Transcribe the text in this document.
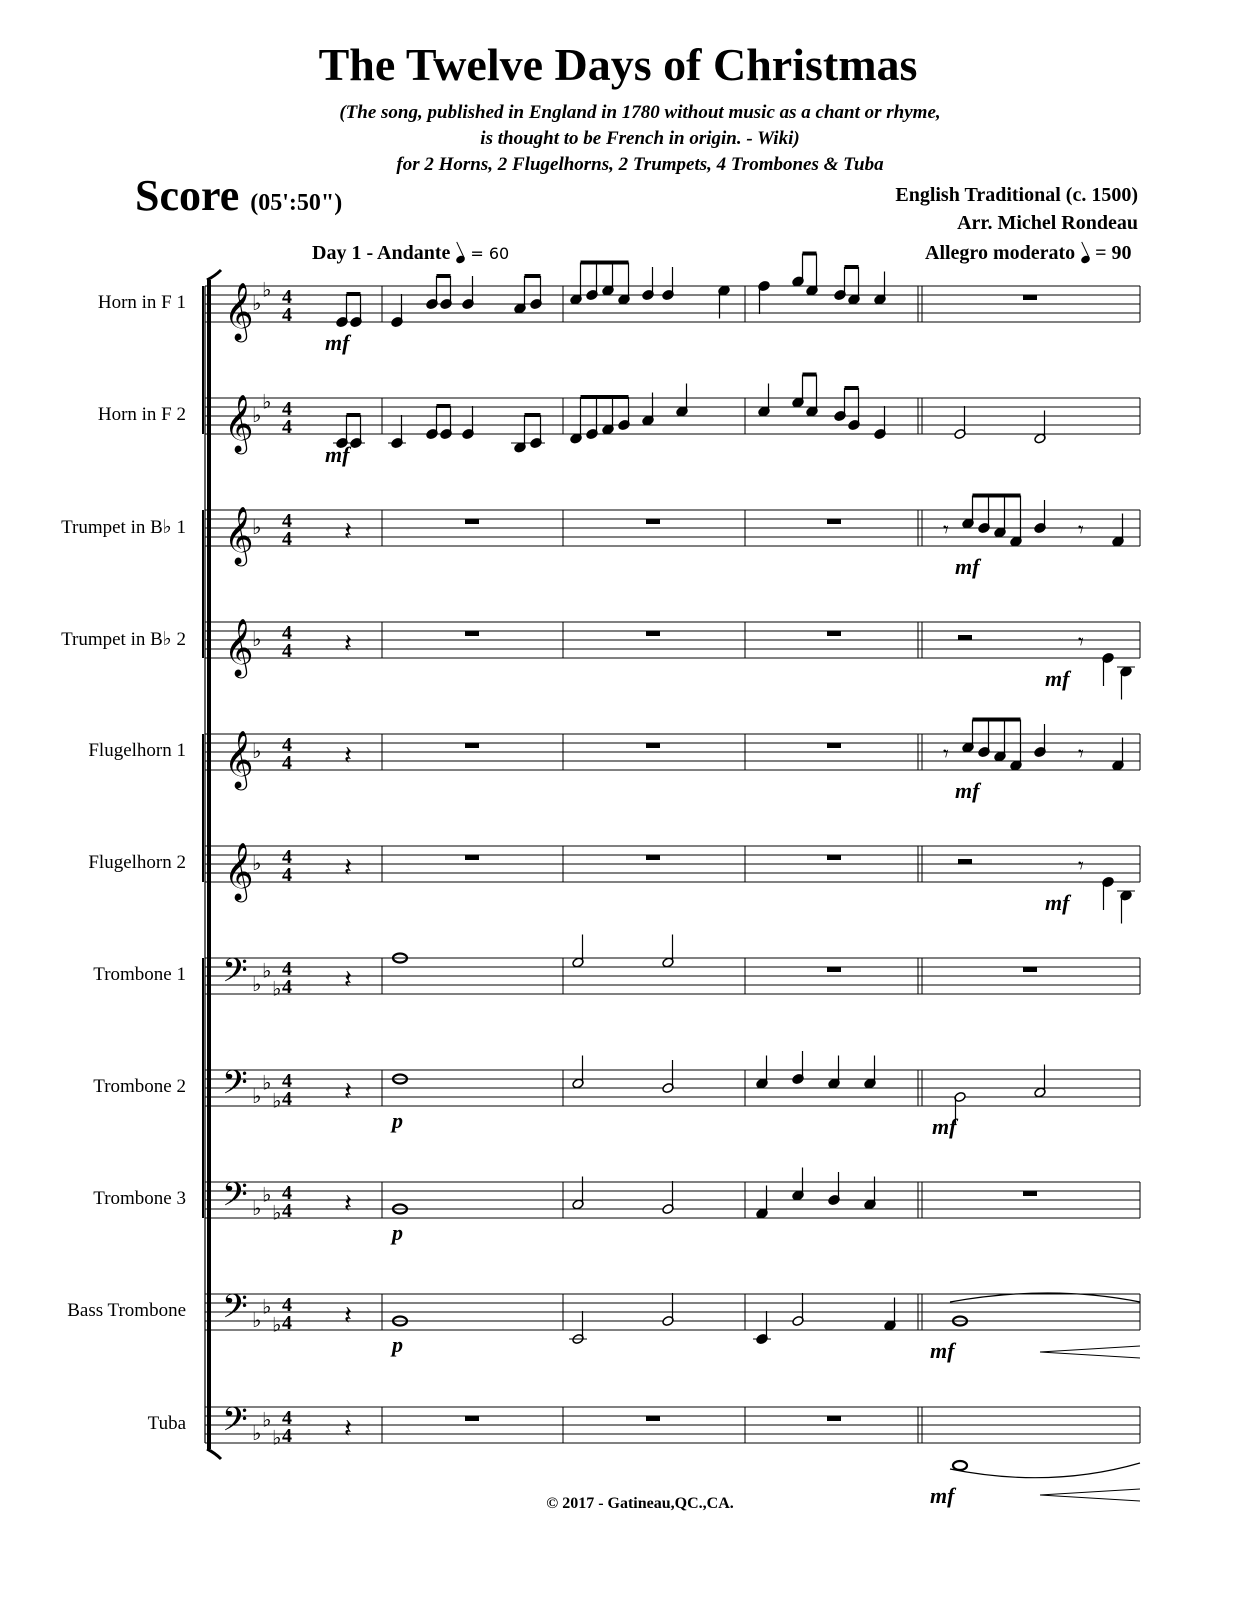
The Twelve Days of Christmas
(The song, published in England in 1780 without music as a chant or rhyme,
is thought to be French in origin. - Wiki)
for 2 Horns, 2 Flugelhorns, 2 Trumpets, 4 Trombones & Tuba
Score (05':50")	English Traditional (c. 1500)
Arr. Michel Rondeau
Day 1 - Andante = 60	Allegro moderato = 90
Horn in F 1
Horn in F 2
Trumpet in B♭ 1
Trumpet in B♭ 2
Flugelhorn 1
Flugelhorn 2
Trombone 1
Trombone 2
Trombone 3
Bass Trombone
Tuba
𝄞
♭
♭ 4
4
𝄞
♭
♭ 4
4
𝄞
♭ 4
4
𝄞
♭ 4
4
𝄞
♭ 4
4
𝄞
♭ 4
4
𝄢 ♭
♭
♭
4
4
𝄢 ♭
♭
♭
4
4
𝄢 ♭
♭
♭
4
4
𝄢 ♭
♭
♭
4
4
𝄢 ♭
♭
♭
4
4
mf
mf
𝄽	𝄾	𝄾
mf
𝄽	𝄾	𝄾
mf
𝄽	𝄾
mf
𝄽	𝄾
mf
𝄽
𝄽
p	mf
𝄽
p
𝄽
p	mf
𝄽
mf
© 2017 - Gatineau,QC.,CA.
